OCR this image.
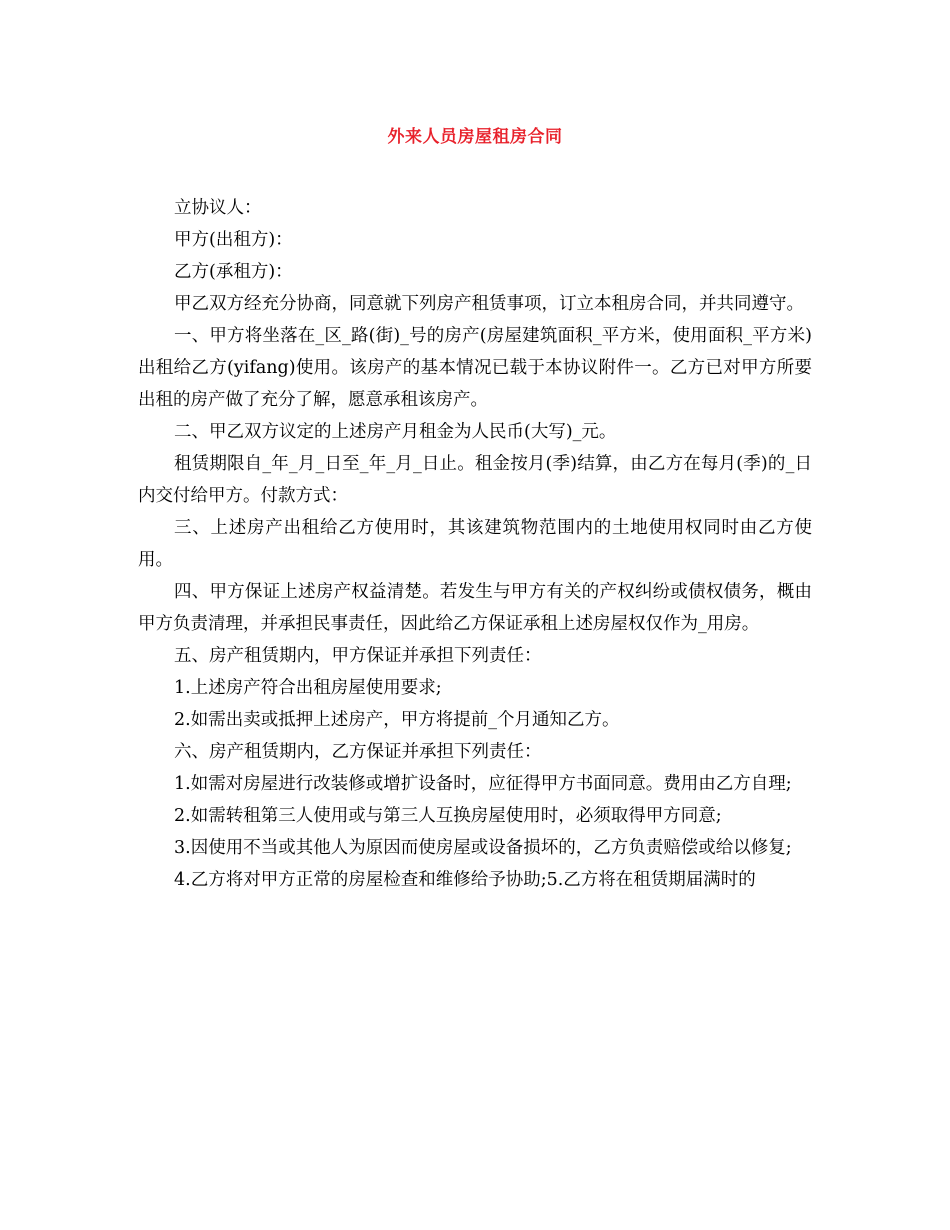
外来人员房屋租房合同

立协议人：

甲方(出租方)：

乙方(承租方)：

甲乙双方经充分协商，同意就下列房产租赁事项，订立本租房合同，并共同遵守。

一、甲方将坐落在_区_路(街)_号的房产(房屋建筑面积_平方米，使用面积_平方米)出租给乙方(yifang)使用。该房产的基本情况已载于本协议附件一。乙方已对甲方所要出租的房产做了充分了解，愿意承租该房产。

二、甲乙双方议定的上述房产月租金为人民币(大写)_元。

租赁期限自_年_月_日至_年_月_日止。租金按月(季)结算，由乙方在每月(季)的_日内交付给甲方。付款方式：

三、上述房产出租给乙方使用时，其该建筑物范围内的土地使用权同时由乙方使用。

四、甲方保证上述房产权益清楚。若发生与甲方有关的产权纠纷或债权债务，概由甲方负责清理，并承担民事责任，因此给乙方保证承租上述房屋权仅作为_用房。

五、房产租赁期内，甲方保证并承担下列责任：

1.上述房产符合出租房屋使用要求;

2.如需出卖或抵押上述房产，甲方将提前_个月通知乙方。

六、房产租赁期内，乙方保证并承担下列责任：

1.如需对房屋进行改装修或增扩设备时，应征得甲方书面同意。费用由乙方自理;

2.如需转租第三人使用或与第三人互换房屋使用时，必须取得甲方同意;

3.因使用不当或其他人为原因而使房屋或设备损坏的，乙方负责赔偿或给以修复;

4.乙方将对甲方正常的房屋检查和维修给予协助;5.乙方将在租赁期届满时的
